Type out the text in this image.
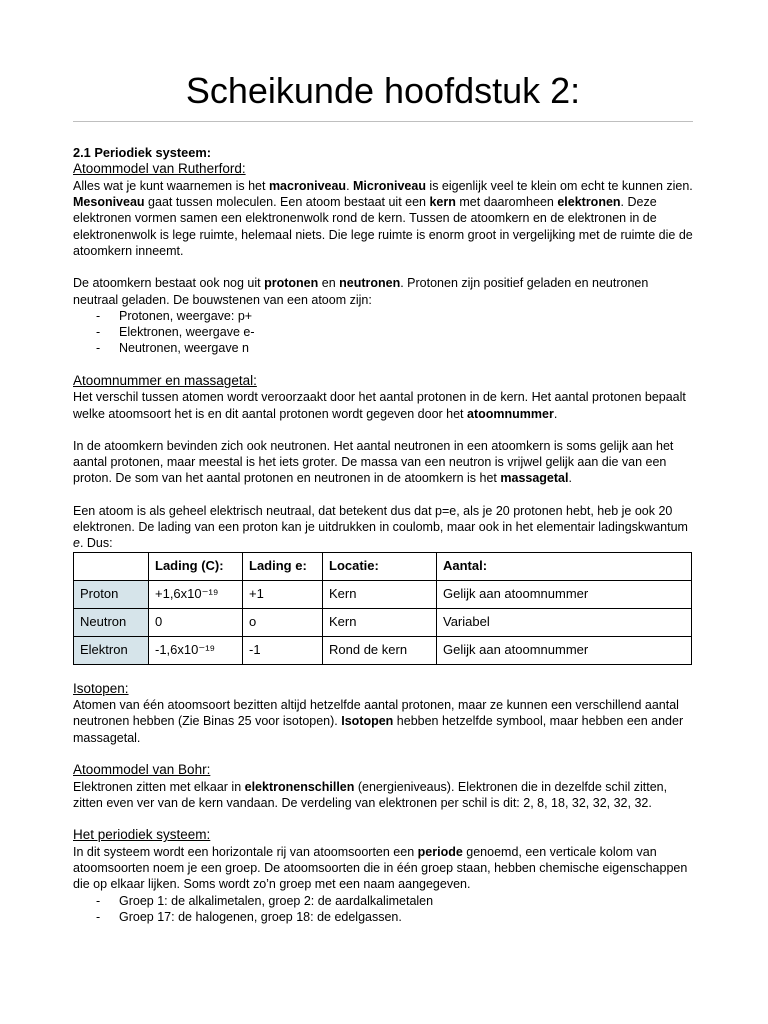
Scheikunde hoofdstuk 2:

2.1 Periodiek systeem:

Atoommodel van Rutherford:

Alles wat je kunt waarnemen is het macroniveau. Microniveau is eigenlijk veel te klein om echt te kunnen zien. Mesoniveau gaat tussen moleculen. Een atoom bestaat uit een kern met daaromheen elektronen. Deze elektronen vormen samen een elektronenwolk rond de kern. Tussen de atoomkern en de elektronen in de elektronenwolk is lege ruimte, helemaal niets. Die lege ruimte is enorm groot in vergelijking met de ruimte die de atoomkern inneemt.

De atoomkern bestaat ook nog uit protonen en neutronen. Protonen zijn positief geladen en neutronen neutraal geladen. De bouwstenen van een atoom zijn:

- Protonen, weergave: p+
- Elektronen, weergave e-
- Neutronen, weergave n

Atoomnummer en massagetal:

Het verschil tussen atomen wordt veroorzaakt door het aantal protonen in de kern. Het aantal protonen bepaalt welke atoomsoort het is en dit aantal protonen wordt gegeven door het atoomnummer.

In de atoomkern bevinden zich ook neutronen. Het aantal neutronen in een atoomkern is soms gelijk aan het aantal protonen, maar meestal is het iets groter. De massa van een neutron is vrijwel gelijk aan die van een proton. De som van het aantal protonen en neutronen in de atoomkern is het massagetal.

Een atoom is als geheel elektrisch neutraal, dat betekent dus dat p=e, als je 20 protonen hebt, heb je ook 20 elektronen. De lading van een proton kan je uitdrukken in coulomb, maar ook in het elementair ladingskwantum e. Dus:

	Lading (C):	Lading e:	Locatie:	Aantal:
Proton	+1,6x10⁻¹⁹	+1	Kern	Gelijk aan atoomnummer
Neutron	0	o	Kern	Variabel
Elektron	-1,6x10⁻¹⁹	-1	Rond de kern	Gelijk aan atoomnummer

Isotopen:

Atomen van één atoomsoort bezitten altijd hetzelfde aantal protonen, maar ze kunnen een verschillend aantal neutronen hebben (Zie Binas 25 voor isotopen). Isotopen hebben hetzelfde symbool, maar hebben een ander massagetal.

Atoommodel van Bohr:

Elektronen zitten met elkaar in elektronenschillen (energieniveaus). Elektronen die in dezelfde schil zitten, zitten even ver van de kern vandaan. De verdeling van elektronen per schil is dit: 2, 8, 18, 32, 32, 32, 32.

Het periodiek systeem:

In dit systeem wordt een horizontale rij van atoomsoorten een periode genoemd, een verticale kolom van atoomsoorten noem je een groep. De atoomsoorten die in één groep staan, hebben chemische eigenschappen die op elkaar lijken. Soms wordt zo’n groep met een naam aangegeven.

- Groep 1: de alkalimetalen, groep 2: de aardalkalimetalen
- Groep 17: de halogenen, groep 18: de edelgassen.
